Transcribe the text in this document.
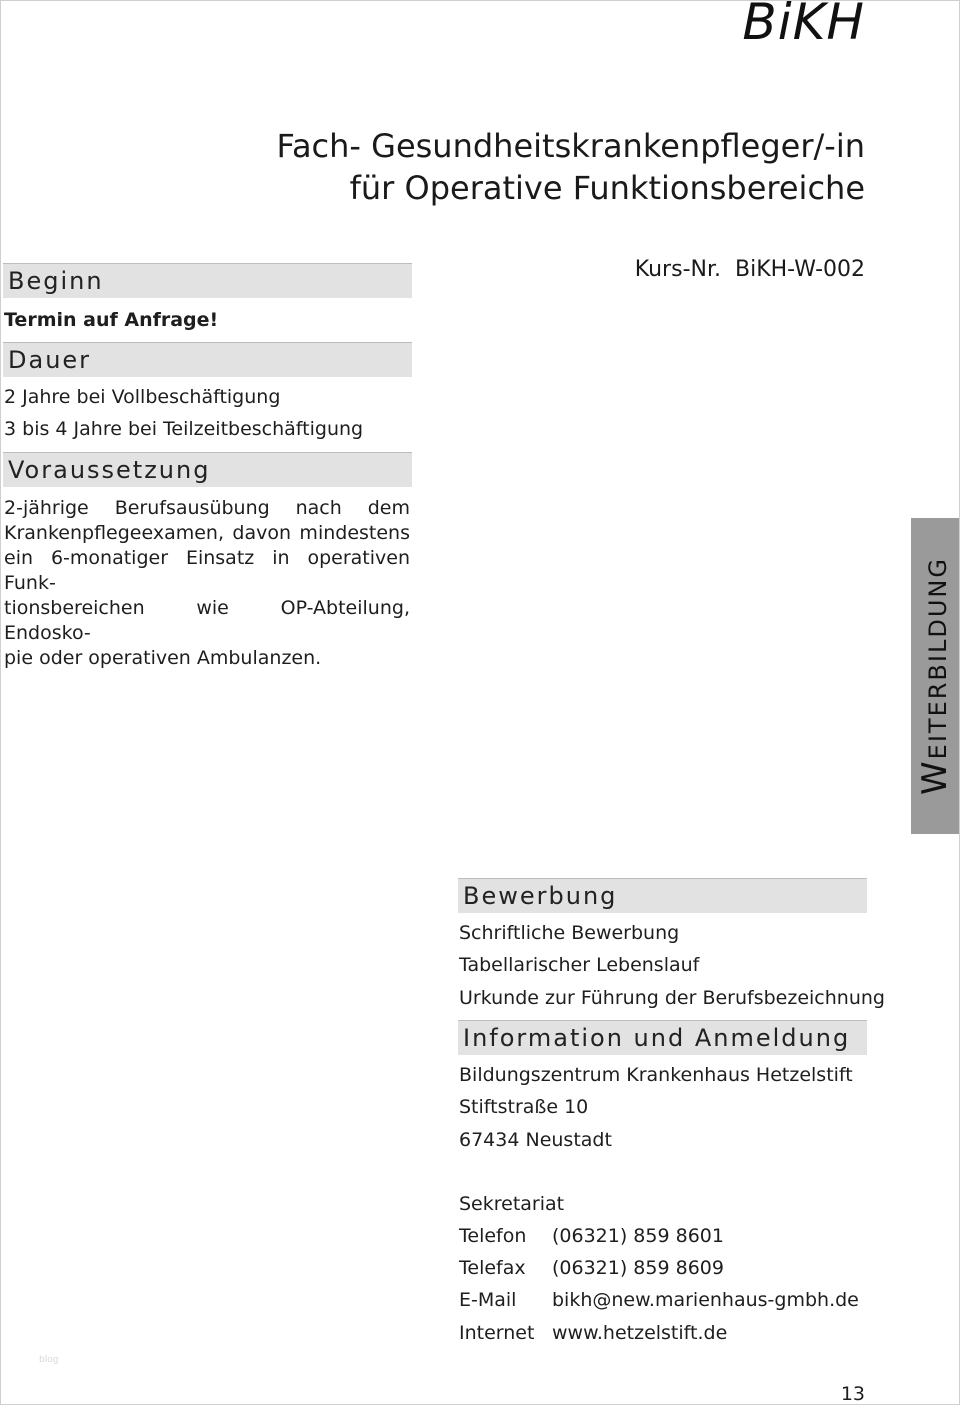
BiKH
Fach- Gesundheitskrankenpfleger/-in
für Operative Funktionsbereiche
Kurs-Nr. BiKH-W-002
Beginn
Termin auf Anfrage!
Dauer
2 Jahre bei Vollbeschäftigung
3 bis 4 Jahre bei Teilzeitbeschäftigung
Voraussetzung
2-jährige Berufsausübung nach dem
Krankenpflegeexamen, davon mindestens
ein 6-monatiger Einsatz in operativen Funk-
tionsbereichen wie OP-Abteilung, Endosko-
pie oder operativen Ambulanzen.	Weiterbildung
Bewerbung
Schriftliche Bewerbung
Tabellarischer Lebenslauf
Urkunde zur Führung der Berufsbezeichnung
Information und Anmeldung
Bildungszentrum Krankenhaus Hetzelstift
Stiftstraße 10
67434 Neustadt
Sekretariat
Telefon (06321) 859 8601
Telefax (06321) 859 8609
E-Mail bikh@new.marienhaus-gmbh.de
Internet www.hetzelstift.de
blog
13
